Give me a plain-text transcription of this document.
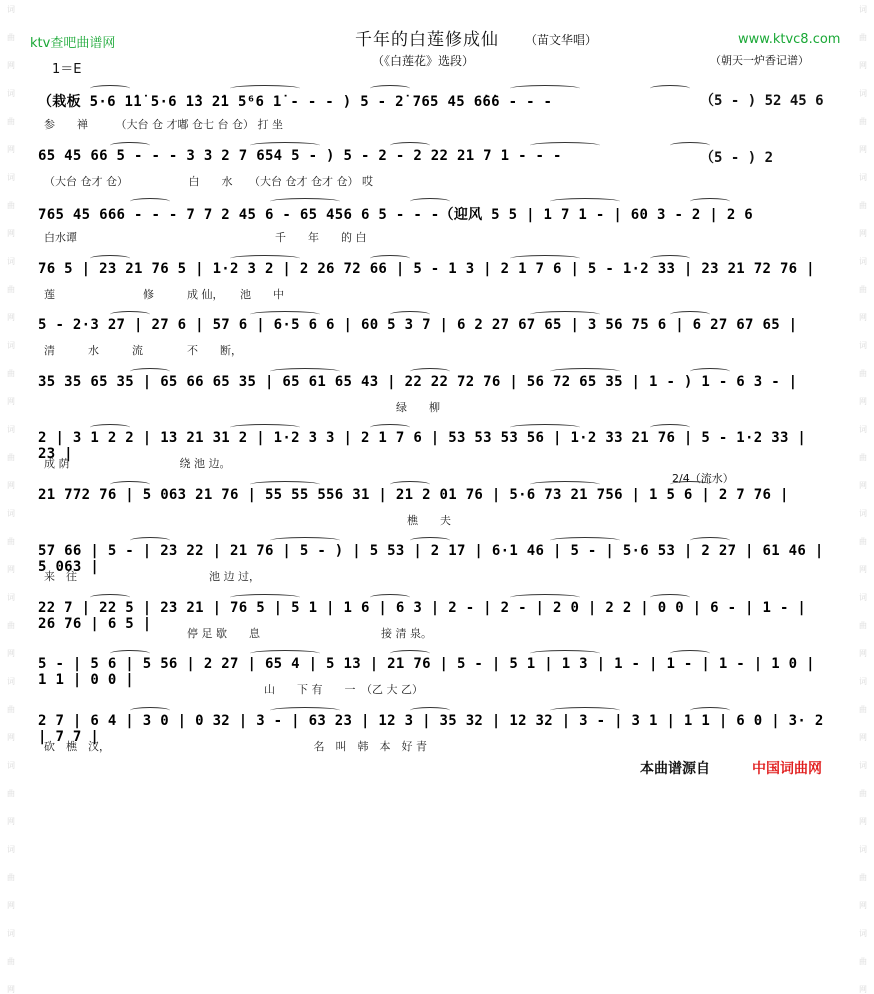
词
曲
网
词
曲
网
词
曲
网
词
曲
网
词
曲
网
词
曲
网
词
曲
网
词
曲
网
词
曲
网
词
曲
网
词
曲
网
词
曲
网
词
曲
网
词
曲
网
词
曲
网
词
曲
网
词
曲
网
词
曲
网
词
曲
网
词
曲
网
词
曲
网
词
曲
网
词
曲
网
词
曲
网
ktv查吧曲谱网	www.ktvc8.com
千年的白莲修成仙 （苗文华唱）
（《白莲花》选段）
1＝E
（朝天一炉香记谱）
（栽板 5·6 1̇1̇ 5·6 1̇3 2̇1 5⁶6 1̇ - - - ) 5 - 2̇ 765 45 6̇6̇6 - - -	（5 - ) 52 45 6
参　　禅　　　（大台 仓 才嘟 仓七 台 仓） 打 坐
65 45 66 5 - - - 3 3 2 7 654 5 - ) 5 - 2 - 2 22 21 7 1 - - -	（5 - ) 2
（大台 仓才 仓）　　　　　　白　　水　　（大台 仓才 仓才 仓） 哎
765 45 666 - - - 7 7 2 45 6 - 65 456 6 5 - - -（迎风 5 5 | 1 7 1 - | 60 3 - 2 | 2 6
白水谭　　　　　　　　　　　　　　　　　　千　　年　　的 白
76 5 | 23 21 76 5 | 1·2 3 2 | 2 26 72 66 | 5 - 1 3 | 2 1 7 6 | 5 - 1·2 33 | 23 21 72 76 |
莲　　　　　　　　修　　　成 仙，　　池　　中
5 - 2·3 27 | 27 6 | 57 6 | 6·5 6 6 | 60 5 3 7 | 6 2 27 67 65 | 3 56 75 6 | 6 27 67 65 |
清　　　水　　　流　　　　不　　断，
35 35 65 35 | 65 66 65 35 | 65 61 65 43 | 22 22 72 76 | 56 72 65 35 | 1 - ) 1 - 6 3 - |
　　　　　　　　　　　　　　　　　　　　　　　　　　　　　　　　绿　　柳
2 | 3 1 2 2 | 13 21 31 2 | 1·2 3 3 | 2 1 7 6 | 53 53 53 56 | 1·2 33 21 76 | 5 - 1·2 33 | 23 |
成 荫　　　　　　　　　　绕 池 边。
21 772 76 | 5 063 21 76 | 55 55 556 31 | 21 2 01 76 | 5·6 73 21 756 | 1 5 6 | 2 7 76 |
　　　　　　　　　　　　　　　　　　　　　　　　　　　　　　　　　樵　　夫
57 66 | 5 - | 23 22 | 21 76 | 5 - ) | 5 53 | 2 17 | 6·1 46 | 5 - | 5·6 53 | 2 27 | 61 46 | 5 063 |
来　往　　　　　　　　　　　　池 边 过，
22 7 | 22 5 | 23 21 | 76 5 | 5 1 | 1 6 | 6 3 | 2 - | 2 - | 2 0 | 2 2 | 0 0 | 6 - | 1 - | 26 76 | 6 5 |
　　　　　　　　　　　　　停 足 歇　　息　　　　　　　　　　　接 清 泉。
5 - | 5 6 | 5 56 | 2 27 | 65 4 | 5 13 | 21 76 | 5 - | 5 1 | 1 3 | 1 - | 1 - | 1 - | 1 0 | 1 1 | 0 0 |
　　　　　　　　　　　　　　　　　　　　山　　下 有　　一　（乙 大 乙）
2 7 | 6 4 | 3 0 | 0 32 | 3 - | 63 23 | 12 3 | 35 32 | 12 32 | 3 - | 3 1 | 1 1 | 6 0 | 3· 2 | 7 7 |
砍　樵　汉，　　　　　　　　　　　　　　　　　　　名　叫　韩　本　好 青
2/4（流水）
本曲谱源自	中国词曲网
